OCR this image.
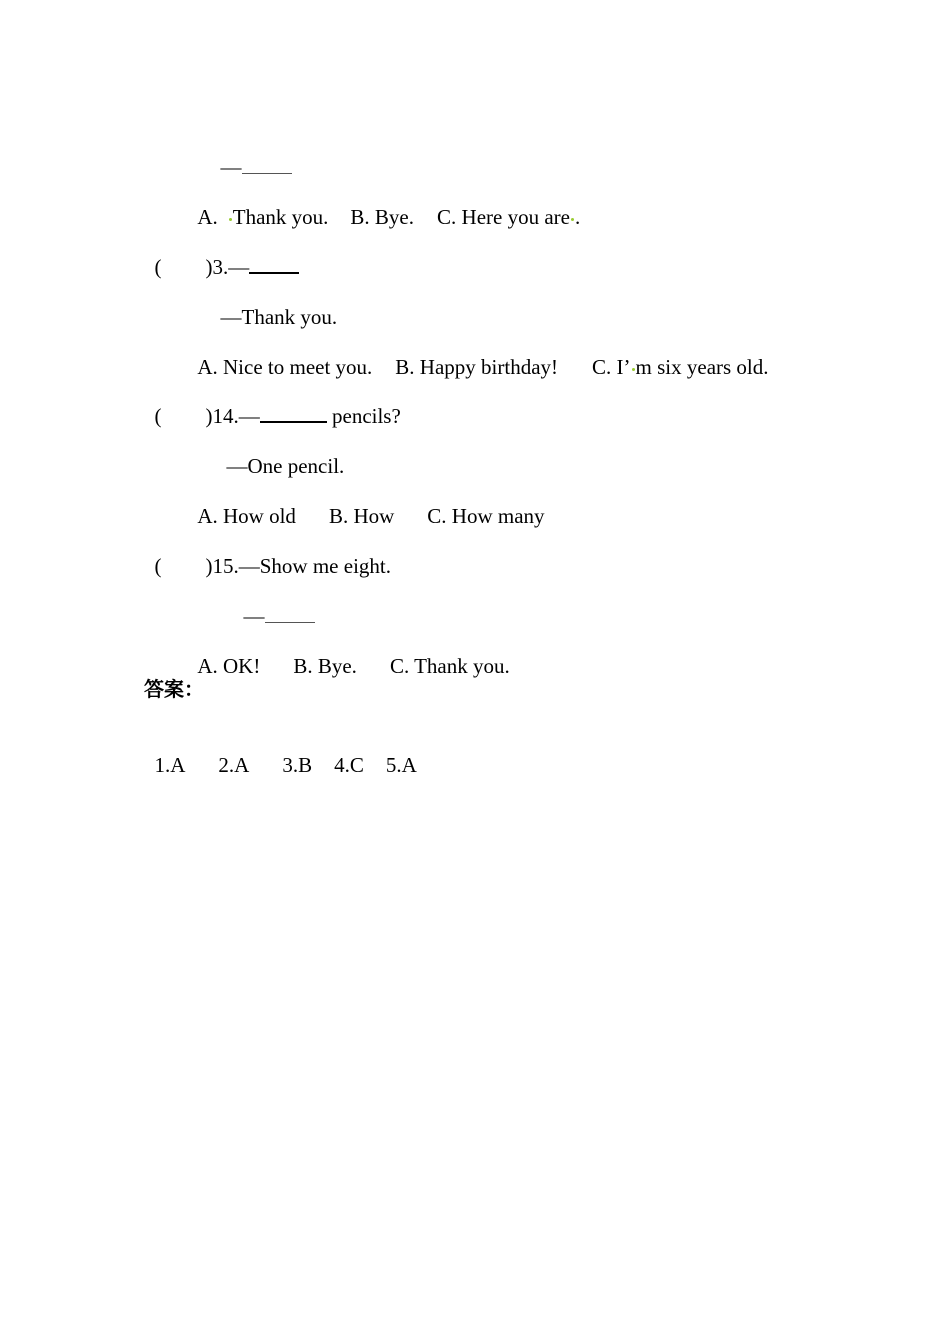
—

A. Thank you. B. Bye. C. Here you are .

( )3.—

—Thank you.

A. Nice to meet you. B. Happy birthday! C. I’ m six years old.

( )14.—	pencils?

—One pencil.

A. How old B. How C. How many

( )15.—Show me eight.

—

A. OK! B. Bye. C. Thank you.

答案：

1.A 2.A 3.B 4.C 5.A
